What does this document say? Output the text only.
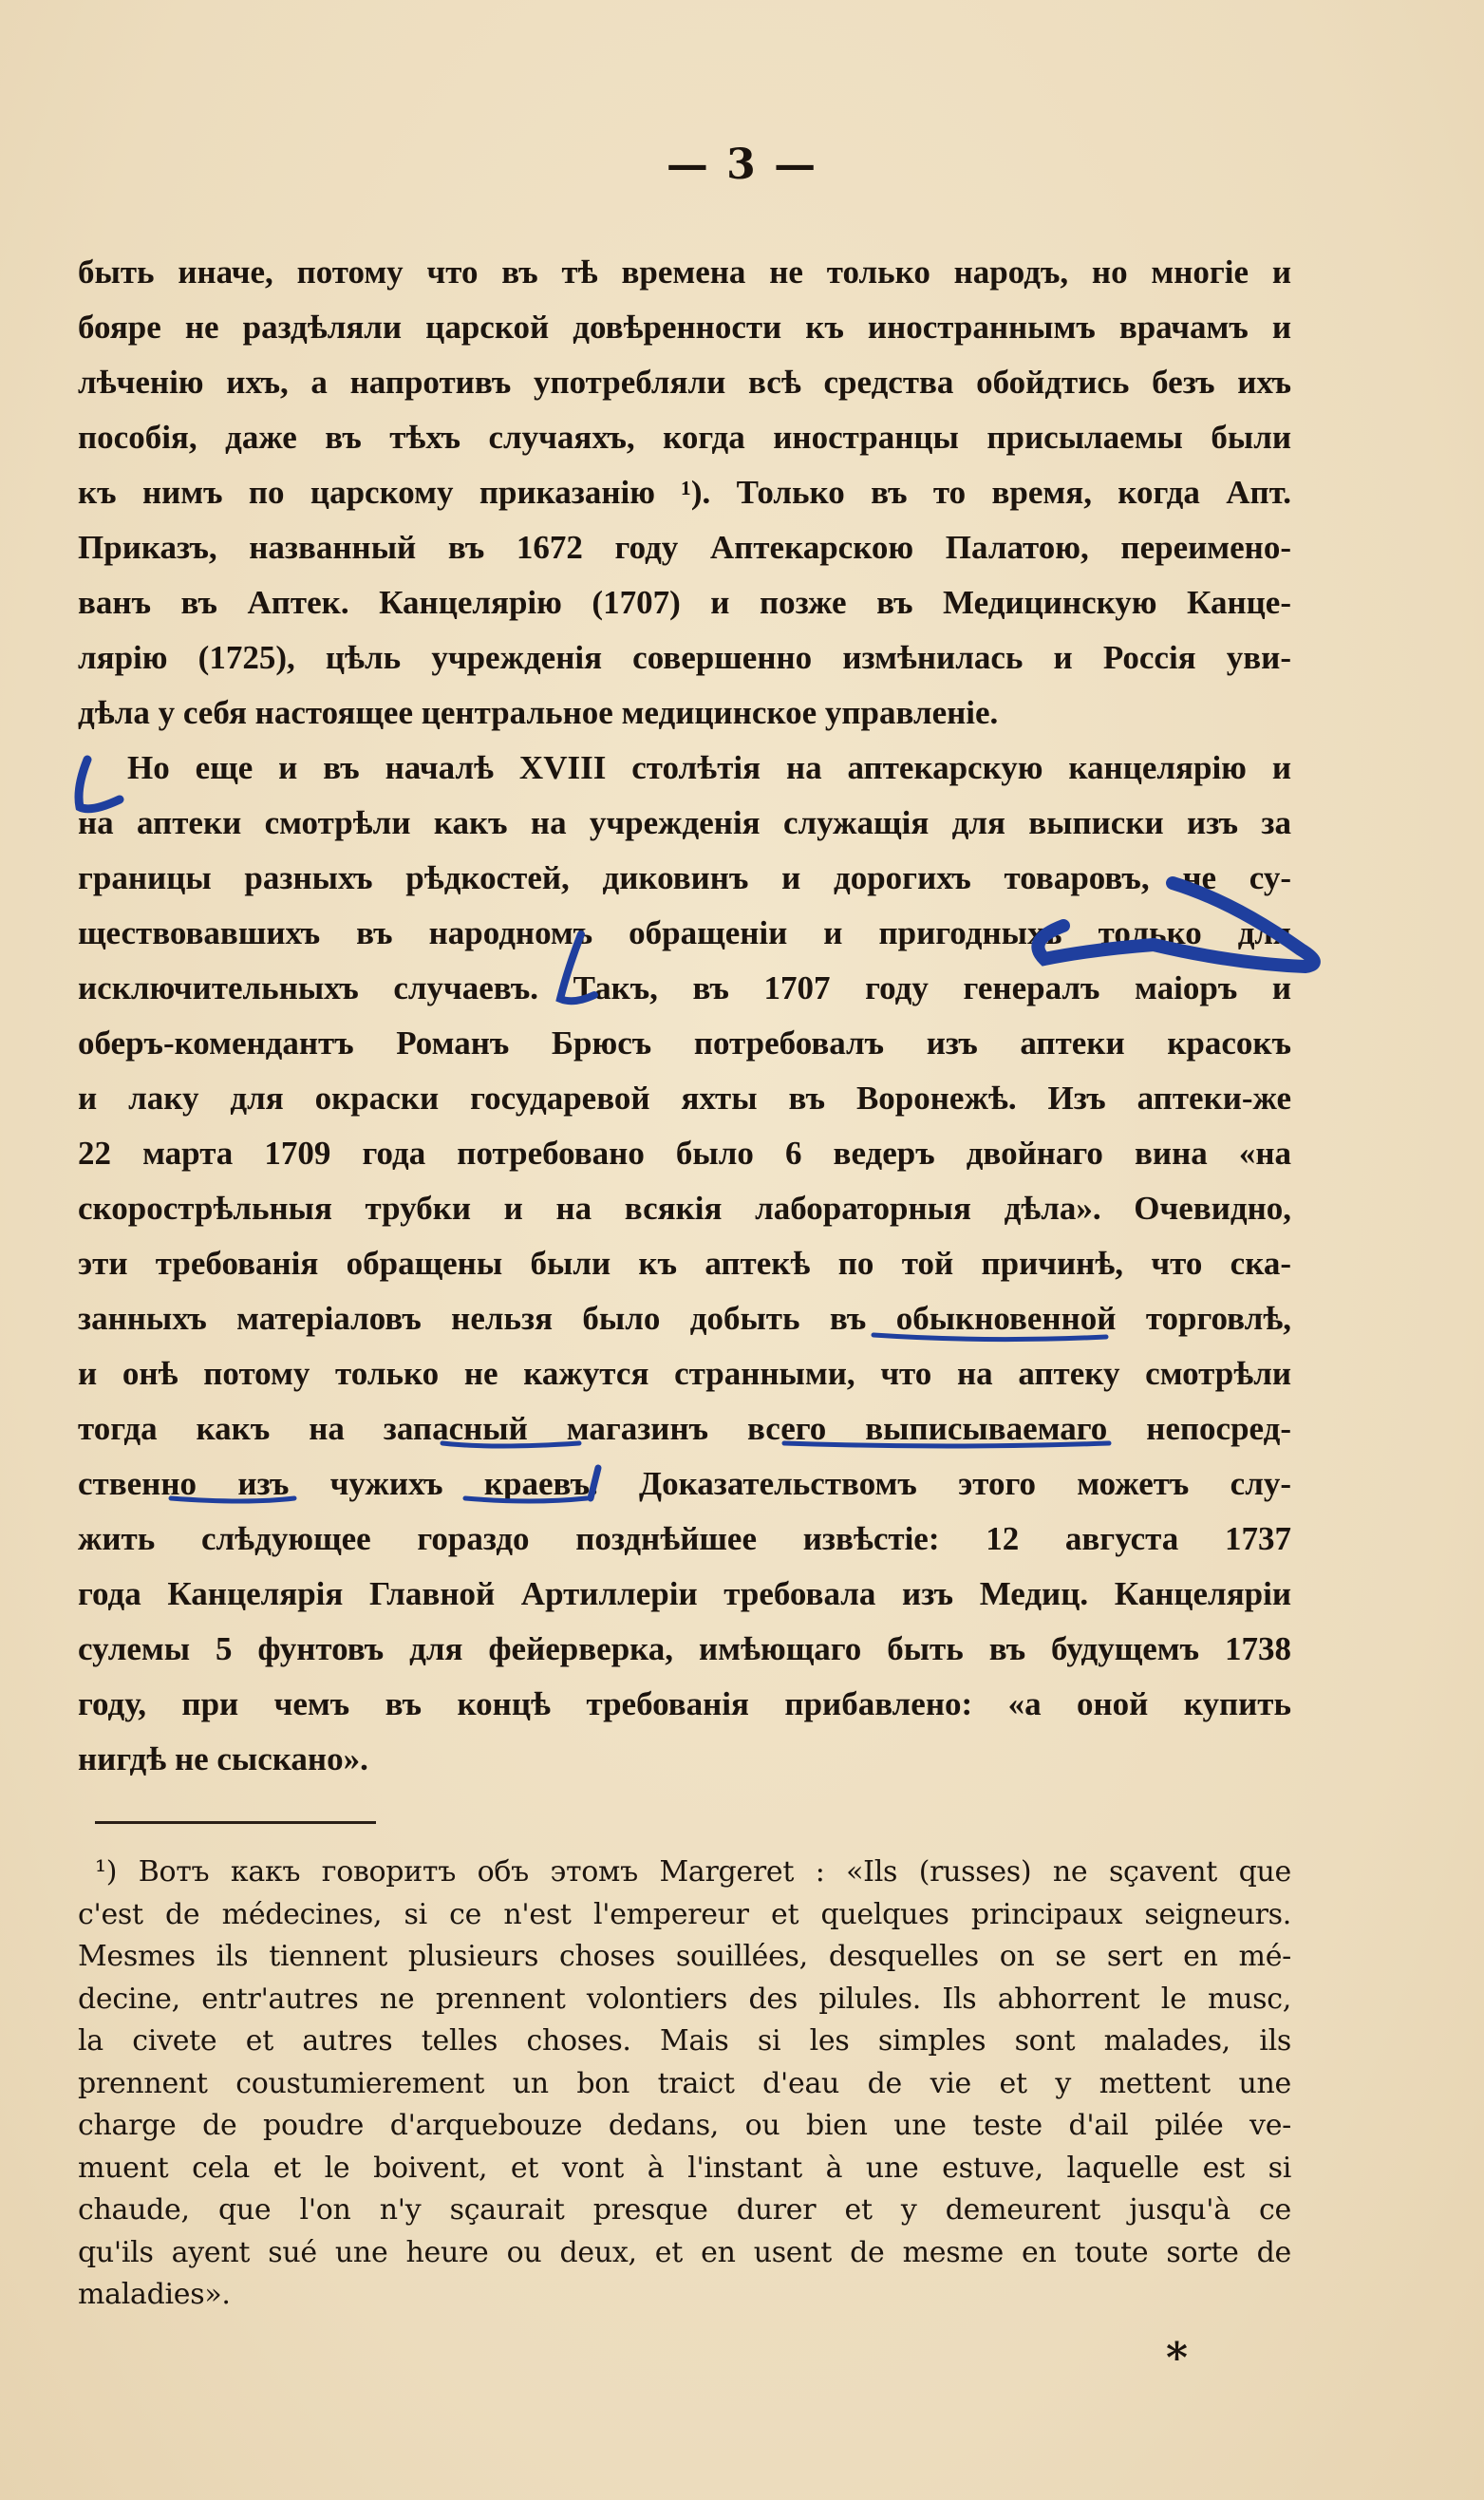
— 3 —
быть иначе, потому что въ тѣ времена не только народъ, но многіе и
бояре не раздѣляли царской довѣренности къ иностраннымъ врачамъ и
лѣченію ихъ, а напротивъ употребляли всѣ средства обойдтись безъ ихъ
пособія, даже въ тѣхъ случаяхъ, когда иностранцы присылаемы были
къ нимъ по царскому приказанію ¹). Только въ то время, когда Апт.
Приказъ, названный въ 1672 году Аптекарскою Палатою, переимено-
ванъ въ Аптек. Канцелярію (1707) и позже въ Медицинскую Канце-
лярію (1725), цѣль учрежденія совершенно измѣнилась и Россія уви-
дѣла у себя настоящее центральное медицинское управленіе.
Но еще и въ началѣ XVIII столѣтія на аптекарскую канцелярію и
на аптеки смотрѣли какъ на учрежденія служащія для выписки изъ за
границы разныхъ рѣдкостей, диковинъ и дорогихъ товаровъ, не су-
ществовавшихъ въ народномъ обращеніи и пригодныхъ только для
исключительныхъ случаевъ. Такъ, въ 1707 году генералъ маіоръ и
оберъ-комендантъ Романъ Брюсъ потребовалъ изъ аптеки красокъ
и лаку для окраски государевой яхты въ Воронежѣ. Изъ аптеки-же
22 марта 1709 года потребовано было 6 ведеръ двойнаго вина «на
скорострѣльныя трубки и на всякія лабораторныя дѣла». Очевидно,
эти требованія обращены были къ аптекѣ по той причинѣ, что ска-
занныхъ матеріаловъ нельзя было добыть въ обыкновенной торговлѣ,
и онѣ потому только не кажутся странными, что на аптеку смотрѣли
тогда какъ на запасный магазинъ всего выписываемаго непосред-
ственно изъ чужихъ краевъ. Доказательствомъ этого можетъ слу-
жить слѣдующее гораздо позднѣйшее извѣстіе: 12 августа 1737
года Канцелярія Главной Артиллеріи требовала изъ Медиц. Канцеляріи
сулемы 5 фунтовъ для фейерверка, имѣющаго быть въ будущемъ 1738
году, при чемъ въ концѣ требованія прибавлено: «а оной купить
нигдѣ не сыскано».
¹) Вотъ какъ говоритъ объ этомъ Margeret : «Ils (russes) ne sçavent que
c'est de médecines, si ce n'est l'empereur et quelques principaux seigneurs.
Mesmes ils tiennent plusieurs choses souillées, desquelles on se sert en mé-
decine, entr'autres ne prennent volontiers des pilules. Ils abhorrent le musc,
la civete et autres telles choses. Mais si les simples sont malades, ils
prennent coustumierement un bon traict d'eau de vie et y mettent une
charge de poudre d'arquebouze dedans, ou bien une teste d'ail pilée ve-
muent cela et le boivent, et vont à l'instant à une estuve, laquelle est si
chaude, que l'on n'y sçaurait presque durer et y demeurent jusqu'à ce
qu'ils ayent sué une heure ou deux, et en usent de mesme en toute sorte de
maladies».
*
